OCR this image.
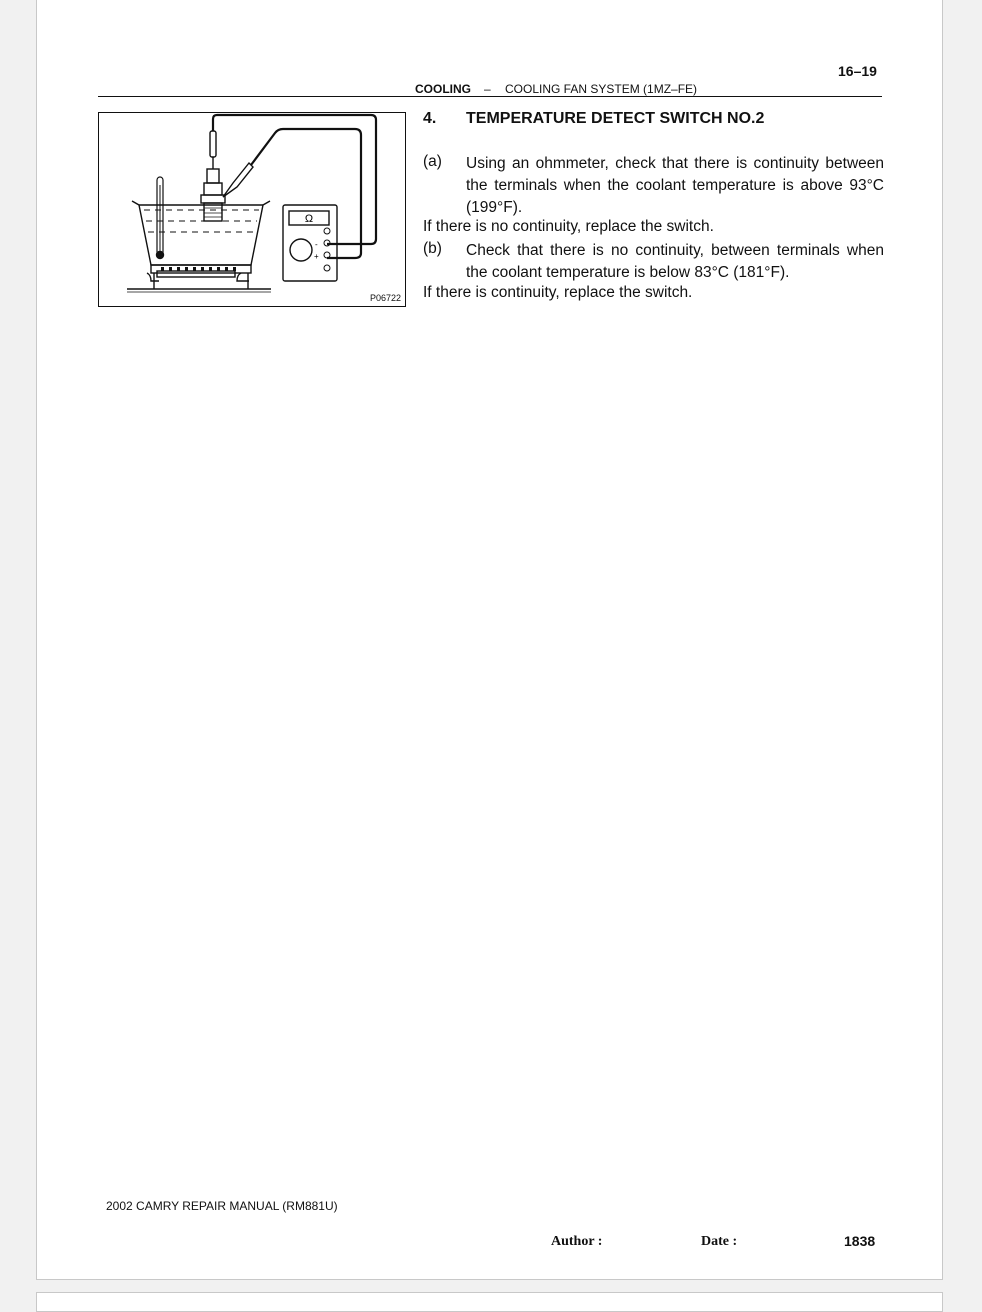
16–19
COOLING – COOLING FAN SYSTEM (1MZ–FE)
Ω
-
+
P06722
4. TEMPERATURE DETECT SWITCH NO.2
(a) Using an ohmmeter, check that there is continuity between the terminals when the coolant temperature is above 93°C (199°F).
If there is no continuity, replace the switch.
(b) Check that there is no continuity, between terminals when the coolant temperature is below 83°C (181°F).
If there is continuity, replace the switch.
2002 CAMRY REPAIR MANUAL (RM881U)
Author :	Date :	1838
